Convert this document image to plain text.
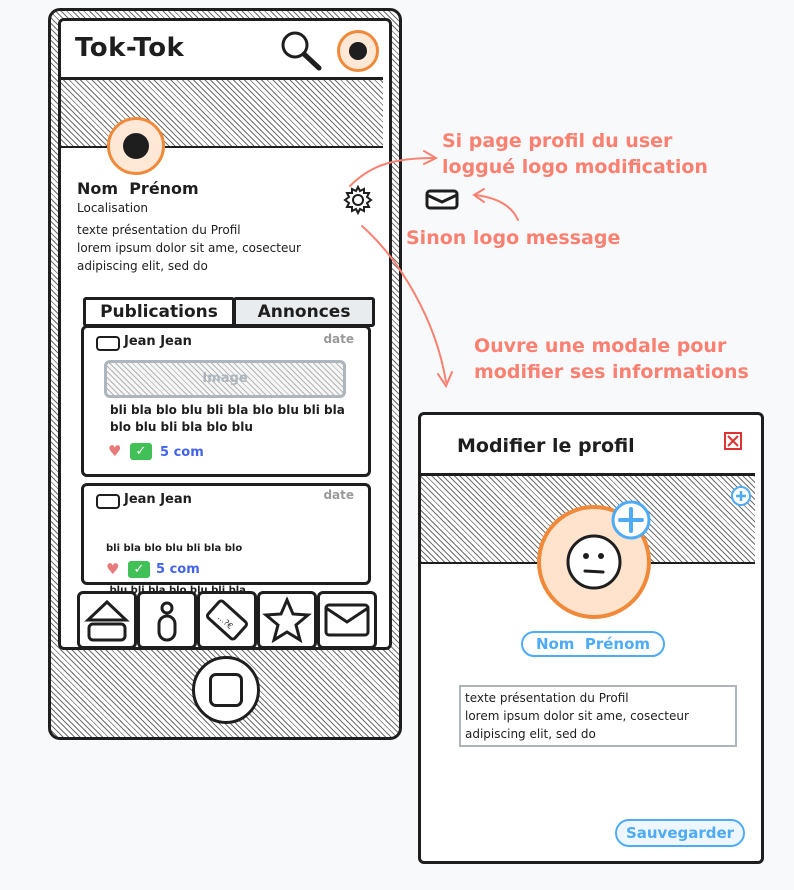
Tok-Tok
Nom  Prénom
Localisation
texte présentation du Profil
lorem ipsum dolor sit ame, cosecteur
adipiscing elit, sed do
Publications	Annonces
Jean Jean	date
Image
bli bla blo blu bli bla blo blu bli bla
blo blu bli bla blo blu
♥	✓	5 com
Jean Jean	date

bli bla blo blu bli bla blo

bli   blu

♥	✓ 5 com
...?€
Si page profil du user
loggué logo modification
Sinon logo message
Ouvre une modale pour
modifier ses informations
Modifier le profil
Nom  Prénom
texte présentation du Profil
lorem ipsum dolor sit ame, cosecteur
adipiscing elit, sed do
Sauvegarder
